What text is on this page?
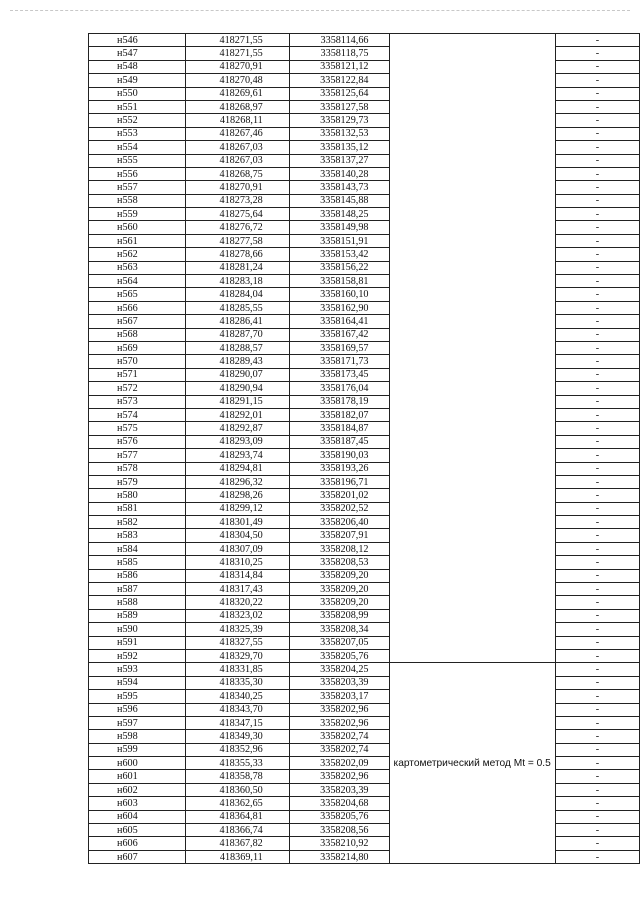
н546	418271,55	3358114,66		-
н547	418271,55	3358118,75		-
н548	418270,91	3358121,12		-
н549	418270,48	3358122,84		-
н550	418269,61	3358125,64		-
н551	418268,97	3358127,58		-
н552	418268,11	3358129,73		-
н553	418267,46	3358132,53		-
н554	418267,03	3358135,12		-
н555	418267,03	3358137,27		-
н556	418268,75	3358140,28		-
н557	418270,91	3358143,73		-
н558	418273,28	3358145,88		-
н559	418275,64	3358148,25		-
н560	418276,72	3358149,98		-
н561	418277,58	3358151,91		-
н562	418278,66	3358153,42		-
н563	418281,24	3358156,22		-
н564	418283,18	3358158,81		-
н565	418284,04	3358160,10		-
н566	418285,55	3358162,90		-
н567	418286,41	3358164,41		-
н568	418287,70	3358167,42		-
н569	418288,57	3358169,57		-
н570	418289,43	3358171,73		-
н571	418290,07	3358173,45		-
н572	418290,94	3358176,04		-
н573	418291,15	3358178,19		-
н574	418292,01	3358182,07		-
н575	418292,87	3358184,87		-
н576	418293,09	3358187,45		-
н577	418293,74	3358190,03		-
н578	418294,81	3358193,26		-
н579	418296,32	3358196,71		-
н580	418298,26	3358201,02		-
н581	418299,12	3358202,52		-
н582	418301,49	3358206,40		-
н583	418304,50	3358207,91		-
н584	418307,09	3358208,12		-
н585	418310,25	3358208,53		-
н586	418314,84	3358209,20		-
н587	418317,43	3358209,20		-
н588	418320,22	3358209,20		-
н589	418323,02	3358208,99		-
н590	418325,39	3358208,34		-
н591	418327,55	3358207,05		-
н592	418329,70	3358205,76		-
н593	418331,85	3358204,25	картометрический метод Mt = 0.5	-
н594	418335,30	3358203,39		-
н595	418340,25	3358203,17		-
н596	418343,70	3358202,96		-
н597	418347,15	3358202,96		-
н598	418349,30	3358202,74		-
н599	418352,96	3358202,74		-
н600	418355,33	3358202,09		-
н601	418358,78	3358202,96		-
н602	418360,50	3358203,39		-
н603	418362,65	3358204,68		-
н604	418364,81	3358205,76		-
н605	418366,74	3358208,56		-
н606	418367,82	3358210,92		-
н607	418369,11	3358214,80		-
